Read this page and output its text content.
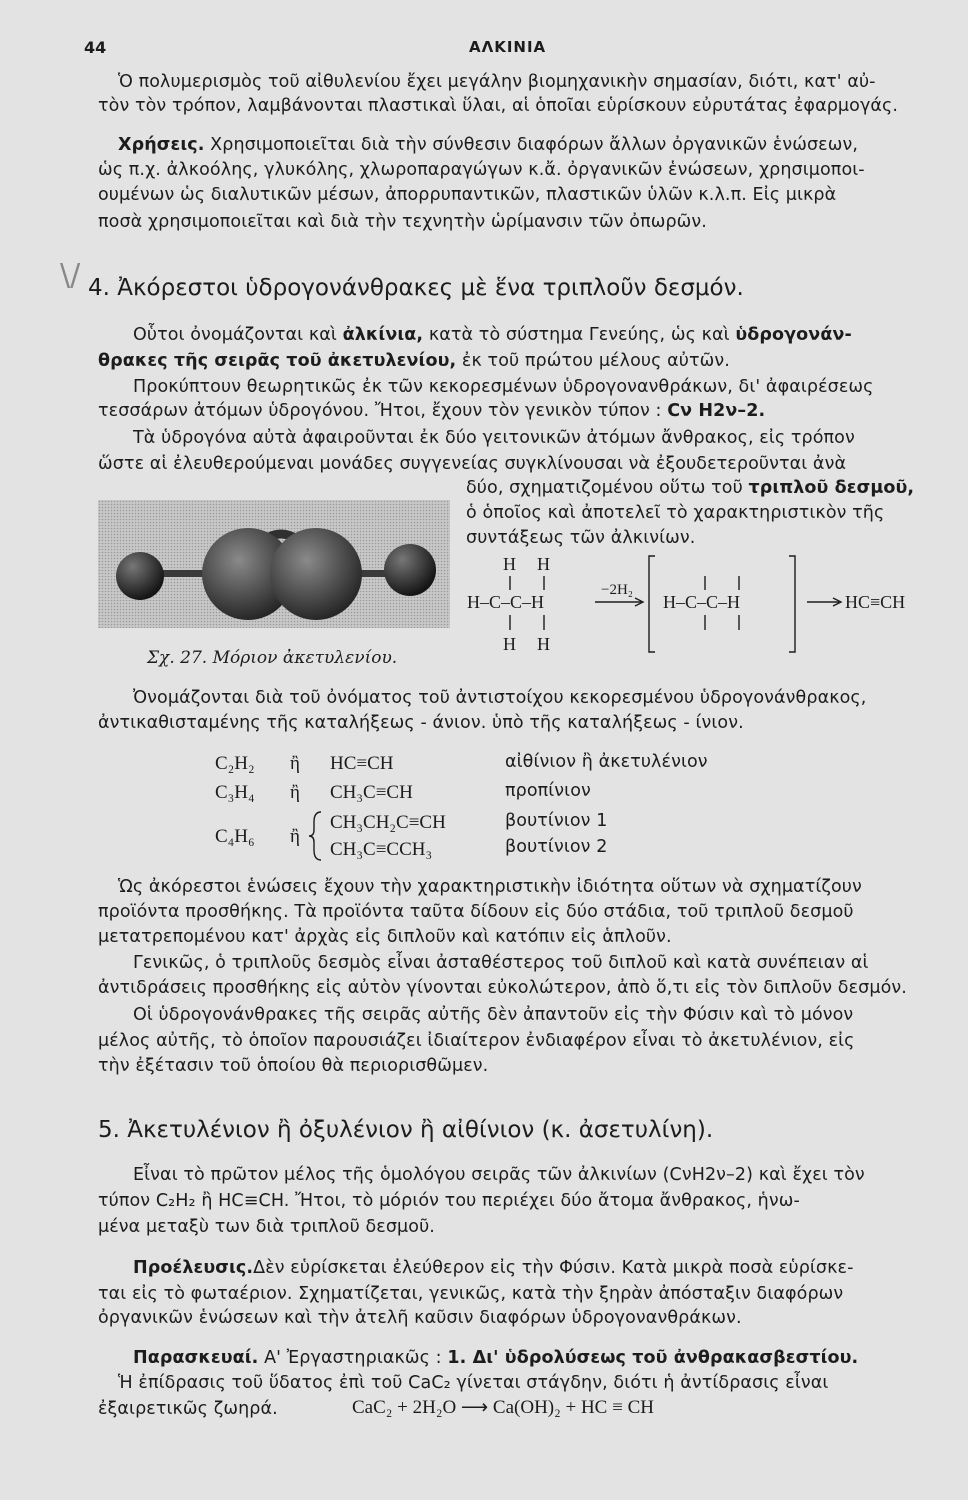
44	ΑΛΚΙΝΙΑ
Ὁ πολυμερισμὸς τοῦ αἰθυλενίου ἔχει μεγάλην βιομηχανικὴν σημασίαν, διότι, κατ' αὐ-
τὸν τὸν τρόπον, λαμβάνονται πλαστικαὶ ὕλαι, αἱ ὁποῖαι εὑρίσκουν εὐρυτάτας ἐφαρμογάς.
Χρήσεις. Χρησιμοποιεῖται διὰ τὴν σύνθεσιν διαφόρων ἄλλων ὀργανικῶν ἑνώσεων,
ὡς π.χ. ἀλκοόλης, γλυκόλης, χλωροπαραγώγων κ.ἄ. ὀργανικῶν ἑνώσεων, χρησιμοποι-
ουμένων ὡς διαλυτικῶν μέσων, ἀπορρυπαντικῶν, πλαστικῶν ὑλῶν κ.λ.π. Εἰς μικρὰ
ποσὰ χρησιμοποιεῖται καὶ διὰ τὴν τεχνητὴν ὡρίμανσιν τῶν ὀπωρῶν.
\/ 4. Ἀκόρεστοι ὑδρογονάνθρακες μὲ ἕνα τριπλοῦν δεσμόν.
Οὗτοι ὀνομάζονται καὶ ἀλκίνια, κατὰ τὸ σύστημα Γενεύης, ὡς καὶ ὑδρογονάν-
θρακες τῆς σειρᾶς τοῦ ἀκετυλενίου, ἐκ τοῦ πρώτου μέλους αὐτῶν.
Προκύπτουν θεωρητικῶς ἐκ τῶν κεκορεσμένων ὑδρογονανθράκων, δι' ἀφαιρέσεως
τεσσάρων ἀτόμων ὑδρογόνου. Ἤτοι, ἔχουν τὸν γενικὸν τύπον : Cν H2ν–2.
Τὰ ὑδρογόνα αὐτὰ ἀφαιροῦνται ἐκ δύο γειτονικῶν ἀτόμων ἄνθρακος, εἰς τρόπον
ὥστε αἱ ἐλευθερούμεναι μονάδες συγγενείας συγκλίνουσαι νὰ ἐξουδετεροῦνται ἀνὰ
δύο, σχηματιζομένου οὕτω τοῦ τριπλοῦ δεσμοῦ,
ὁ ὁποῖος καὶ ἀποτελεῖ τὸ χαρακτηριστικὸν τῆς
συντάξεως τῶν ἀλκινίων.
Σχ. 27. Μόριον ἀκετυλενίου.
H H
H–C–C–H
H H
−2H₂
H–C–C–H	HC≡CH
Ὀνομάζονται διὰ τοῦ ὀνόματος τοῦ ἀντιστοίχου κεκορεσμένου ὑδρογονάνθρακος,
ἀντικαθισταμένης τῆς καταλήξεως - άνιον. ὑπὸ τῆς καταλήξεως - ίνιον.
C₂H₂ ἢ HC≡CH	αἰθίνιον ἢ ἀκετυλένιον
C₃H₄ ἢ CH₃C≡CH	προπίνιον
C₄H₆ ἢ
CH₃CH₂C≡CH	βουτίνιον 1
CH₃C≡CCH₃	βουτίνιον 2
Ὡς ἀκόρεστοι ἑνώσεις ἔχουν τὴν χαρακτηριστικὴν ἰδιότητα οὕτων νὰ σχηματίζουν
προϊόντα προσθήκης. Τὰ προϊόντα ταῦτα δίδουν εἰς δύο στάδια, τοῦ τριπλοῦ δεσμοῦ
μετατρεπομένου κατ' ἀρχὰς εἰς διπλοῦν καὶ κατόπιν εἰς ἁπλοῦν.
Γενικῶς, ὁ τριπλοῦς δεσμὸς εἶναι ἀσταθέστερος τοῦ διπλοῦ καὶ κατὰ συνέπειαν αἱ
ἀντιδράσεις προσθήκης εἰς αὐτὸν γίνονται εὐκολώτερον, ἀπὸ ὅ,τι εἰς τὸν διπλοῦν δεσμόν.
Οἱ ὑδρογονάνθρακες τῆς σειρᾶς αὐτῆς δὲν ἀπαντοῦν εἰς τὴν Φύσιν καὶ τὸ μόνον
μέλος αὐτῆς, τὸ ὁποῖον παρουσιάζει ἰδιαίτερον ἐνδιαφέρον εἶναι τὸ ἀκετυλένιον, εἰς
τὴν ἐξέτασιν τοῦ ὁποίου θὰ περιορισθῶμεν.
5. Ἀκετυλένιον ἢ ὀξυλένιον ἢ αἰθίνιον (κ. ἀσετυλίνη).
Εἶναι τὸ πρῶτον μέλος τῆς ὁμολόγου σειρᾶς τῶν ἀλκινίων (CνH2ν–2) καὶ ἔχει τὸν
τύπον C₂H₂ ἢ HC≡CH. Ἤτοι, τὸ μόριόν του περιέχει δύο ἄτομα ἄνθρακος, ἡνω-
μένα μεταξὺ των διὰ τριπλοῦ δεσμοῦ.
Προέλευσις.Δὲν εὑρίσκεται ἐλεύθερον εἰς τὴν Φύσιν. Κατὰ μικρὰ ποσὰ εὑρίσκε-
ται εἰς τὸ φωταέριον. Σχηματίζεται, γενικῶς, κατὰ τὴν ξηρὰν ἀπόσταξιν διαφόρων
ὀργανικῶν ἑνώσεων καὶ τὴν ἀτελῆ καῦσιν διαφόρων ὑδρογονανθράκων.
Παρασκευαί. Α' Ἐργαστηριακῶς : 1. Δι' ὑδρολύσεως τοῦ ἀνθρακασβεστίου.
Ἡ ἐπίδρασις τοῦ ὕδατος ἐπὶ τοῦ CaC₂ γίνεται στάγδην, διότι ἡ ἀντίδρασις εἶναι
ἐξαιρετικῶς ζωηρά.	CaC₂ + 2H₂O ⟶ Ca(OH)₂ + HC ≡ CH
